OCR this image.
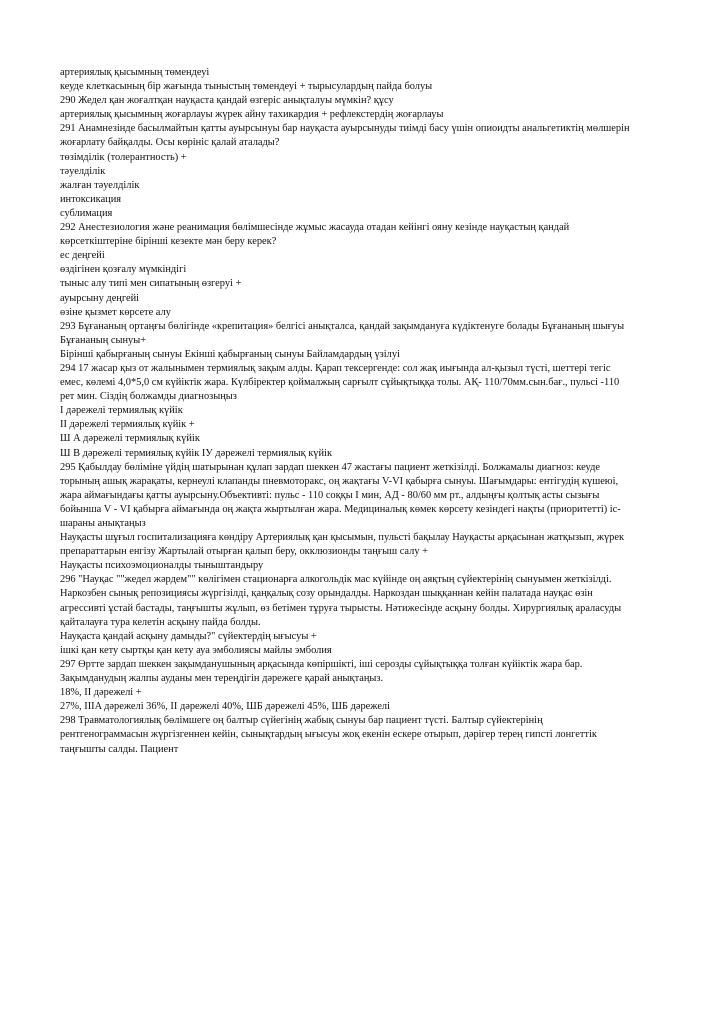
артериялық қысымның төмендеуі
кеуде клеткасының бір жағында тыныстың төмендеуі + тырысулардың пайда болуы
290 Жедел қан жоғалтқан науқаста қандай өзгеріс анықталуы мүмкін? құсу
артериялық қысымның жоғарлауы жүрек айну тахикардия + рефлекстердің жоғарлауы
291 Анамнезінде басылмайтын қатты ауырсынуы бар науқаста ауырсынуды тиімді басу үшін опиоидты анальгетиктің мөлшерін
жоғарлату байқалды. Осы көрініс қалай аталады?
төзімділік (толерантность) +
тәуелділік
жалған тәуелділік
интоксикация
сублимация
292 Анестезиология және реанимация бөлімшесінде жұмыс жасауда отадан кейінгі ояну кезінде науқастың қандай
көрсеткіштеріне бірінші кезекте мән беру керек?
ес деңгейі
өздігінен қозғалу мүмкіндігі
тыныс алу типі мен сипатының өзгеруі +
ауырсыну деңгейі
өзіне қызмет көрсете алу
293 Бұғананың ортаңғы бөлігінде «крепитация» белгісі анықталса, қандай зақымдануға күдіктенуге болады Бұғананың шығуы
Бұғананың сынуы+
Бірінші қабырғаның сынуы Екінші қабырғаның сынуы Байламдардың үзілуі
294 17 жасар қыз от жалынымен термиялық зақым алды. Қарап тексергенде: сол жақ иығында ал-қызыл түсті, шеттері тегіс
емес, көлемі 4,0*5,0 см күйіктік жара. Күлбіректер қоймалжың сарғылт сұйықтыққа толы. АҚ- 110/70мм.сын.бағ., пульсі -110
рет мин. Сіздің болжамды диагнозыңыз
I дәрежелі термиялық күйік
II дәрежелі термиялық күйік +
Ш А дәрежелі термиялық күйік
Ш В дәрежелі термиялық күйік IУ дәрежелі термиялық күйік
295 Қабылдау бөліміне үйдің шатырынан құлап зардап шеккен 47 жастағы пациент жеткізілді. Болжамалы диагноз: кеуде
торының ашық жарақаты, кернеулі клапанды пневмоторакс, оң жақтағы V-VI қабырға сынуы. Шағымдары: ентігудің күшеюі,
жара аймағындағы қатты ауырсыну.Объективті: пульс - 110 соққы I мин, АД - 80/60 мм рт., алдыңғы қолтық асты сызығы
бойынша V - VI қабырға аймағында оң жақта жыртылған жара. Медициналық көмек көрсету кезіндегі нақты (приоритетті) іс-
шараны анықтаңыз
Науқасты шұғыл госпитализацияға көндіру Артериялық қан қысымын, пульсті бақылау Науқасты арқасынан жатқызып, жүрек
препараттарын енгізу Жартылай отырған қалып беру, окклюзионды таңғыш салу +
Науқасты психоэмоционалды тыныштандыру
296 "Науқас ""жедел жәрдем"" көлігімен стационарға алкогольдік мас күйінде оң аяқтың сүйектерінің сынуымен жеткізілді.
Наркозбен сынық репозициясы жүргізілді, қаңқалық созу орындалды. Наркоздан шыққаннан кейін палатада науқас өзін
агрессивті ұстай бастады, таңғышты жұлып, өз бетімен тұруға тырысты. Нәтижесінде асқыну болды. Хирургиялық араласуды
қайталауға тура келетін асқыну пайда болды.
Науқаста қандай асқыну дамыды?" сүйектердің ығысуы +
ішкі қан кету сыртқы қан кету ауа эмболиясы майлы эмболия
297 Өртте зардап шеккен зақымданушының арқасында көпіршікті, іші серозды сұйықтыққа толған күйіктік жара бар.
Зақымданудың жалпы ауданы мен тереңдігін дәрежеге қарай анықтаңыз.
18%, II дәрежелі +
27%, IIIA дәрежелі 36%, II дәрежелі 40%, ШБ дәрежелі 45%, ШБ дәрежелі
298 Травматологиялық бөлімшеге оң балтыр сүйегінің жабық сынуы бар пациент түсті. Балтыр сүйектерінің
рентгенограммасын жүргізгеннен кейін, сынықтардың ығысуы жоқ екенін ескере отырып, дәрігер терең гипсті лонгеттік
таңғышты салды. Пациент
